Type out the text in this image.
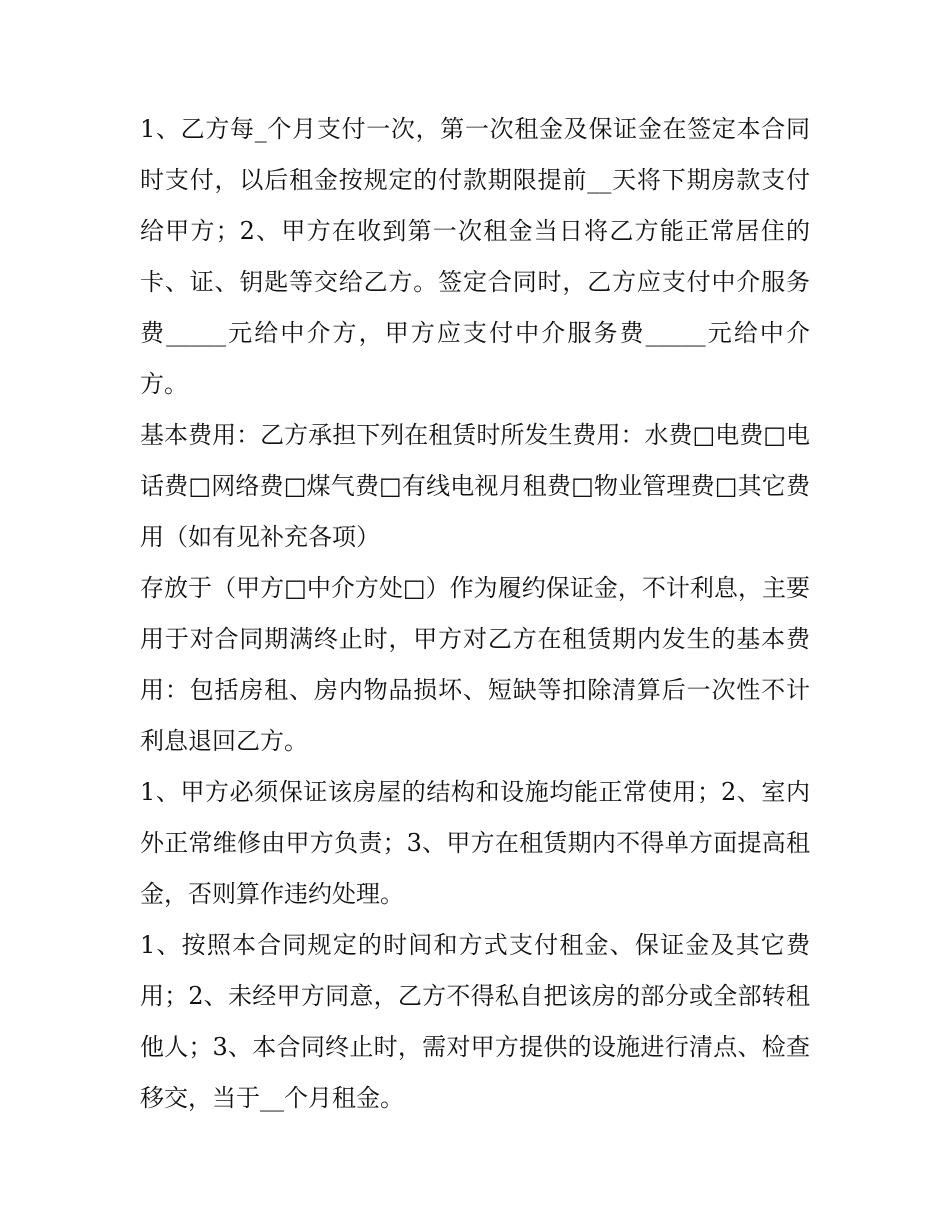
1、乙方每_个月支付一次，第一次租金及保证金在签定本合同时支付，以后租金按规定的付款期限提前__天将下期房款支付给甲方；2、甲方在收到第一次租金当日将乙方能正常居住的卡、证、钥匙等交给乙方。签定合同时，乙方应支付中介服务费_____元给中介方，甲方应支付中介服务费_____元给中介方。

基本费用：乙方承担下列在租赁时所发生费用：水费□电费□电话费□网络费□煤气费□有线电视月租费□物业管理费□其它费用（如有见补充各项）

存放于（甲方□中介方处□）作为履约保证金，不计利息，主要用于对合同期满终止时，甲方对乙方在租赁期内发生的基本费用：包括房租、房内物品损坏、短缺等扣除清算后一次性不计利息退回乙方。

1、甲方必须保证该房屋的结构和设施均能正常使用；2、室内外正常维修由甲方负责；3、甲方在租赁期内不得单方面提高租金，否则算作违约处理。

1、按照本合同规定的时间和方式支付租金、保证金及其它费用；2、未经甲方同意，乙方不得私自把该房的部分或全部转租他人；3、本合同终止时，需对甲方提供的设施进行清点、检查移交，当于__个月租金。
